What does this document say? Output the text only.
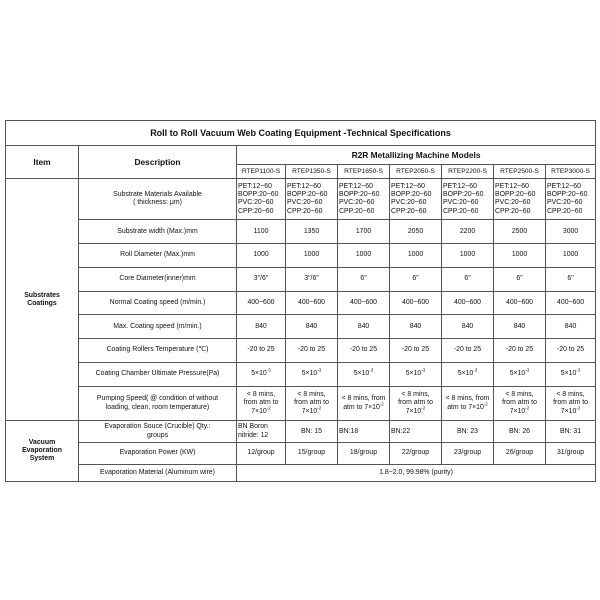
Roll to Roll Vacuum Web Coating Equipment -Technical Specifications								
Item	Description	R2R Metallizing Machine Models						
		RTEP1100-S	RTEP1350-S	RTEP1650-S	RTEP2050-S	RTEP2200-S	RTEP2500-S	RTEP3000-S
Substrates
Coatings	Substrate Materials Available
( thickness: μm)	PET:12~60
BOPP:20~60
PVC:20~60
CPP:20~60	PET:12~60
BOPP:20~60
PVC:20~60
CPP:20~60	PET:12~60
BOPP:20~60
PVC:20~60
CPP:20~60	PET:12~60
BOPP:20~60
PVC:20~60
CPP:20~60	PET:12~60
BOPP:20~60
PVC:20~60
CPP:20~60	PET:12~60
BOPP:20~60
PVC:20~60
CPP:20~60	PET:12~60
BOPP:20~60
PVC:20~60
CPP:20~60
	Substrate width (Max.)mm	1100	1350	1700	2050	2200	2500	3000
	Roll Diameter (Max.)mm	1000	1000	1000	1000	1000	1000	1000
	Core Diameter(inner)mm	3"/6"	3"/6"	6"	6"	6"	6"	6"
	Normal Coating speed (m/min.)	400~600	400~600	400~600	400~600	400~600	400~600	400~600
	Max. Coating speed (m/min.)	840	840	840	840	840	840	840
	Coating Rollers Temperature (℃)	-20 to 25	-20 to 25	-20 to 25	-20 to 25	-20 to 25	-20 to 25	-20 to 25
	Coating Chamber Ultimate Pressure(Pa)	$5\times 10^{-3}$	$5\times 10^{-3}$	$5\times 10^{-3}$	$5\times 10^{-3}$	$5\times 10^{-3}$	$5\times 10^{-3}$	$5\times 10^{-3}$
	Pumping Speed( @ condition of without
loading, clean, room temperature)	< 8 mins,
from atm to
$7\times 10^{-2}$	< 8 mins,
from atm to
$7\times 10^{-2}$	< 8 mins, from
atm to $7\times 10^{-2}$	< 8 mins,
from atm to
$7\times 10^{-2}$	< 8 mins, from
atm to $7\times 10^{-2}$	< 8 mins,
from atm to
$7\times 10^{-2}$	< 8 mins,
from atm to
$7\times 10^{-2}$
Vacuum
Evaporation
System	Evaporation Souce (Crucible) Qty.:
groups	BN Boron
nitride: 12	BN: 15	BN:18	BN:22	BN: 23	BN: 26	BN: 31
	Evaporation Power (KW)	12/group	15/group	18/group	22/group	23/group	26/group	31/group
	Evaporation Material (Aluminum wire)	1.8~2.0, 99.98% (purity)						
